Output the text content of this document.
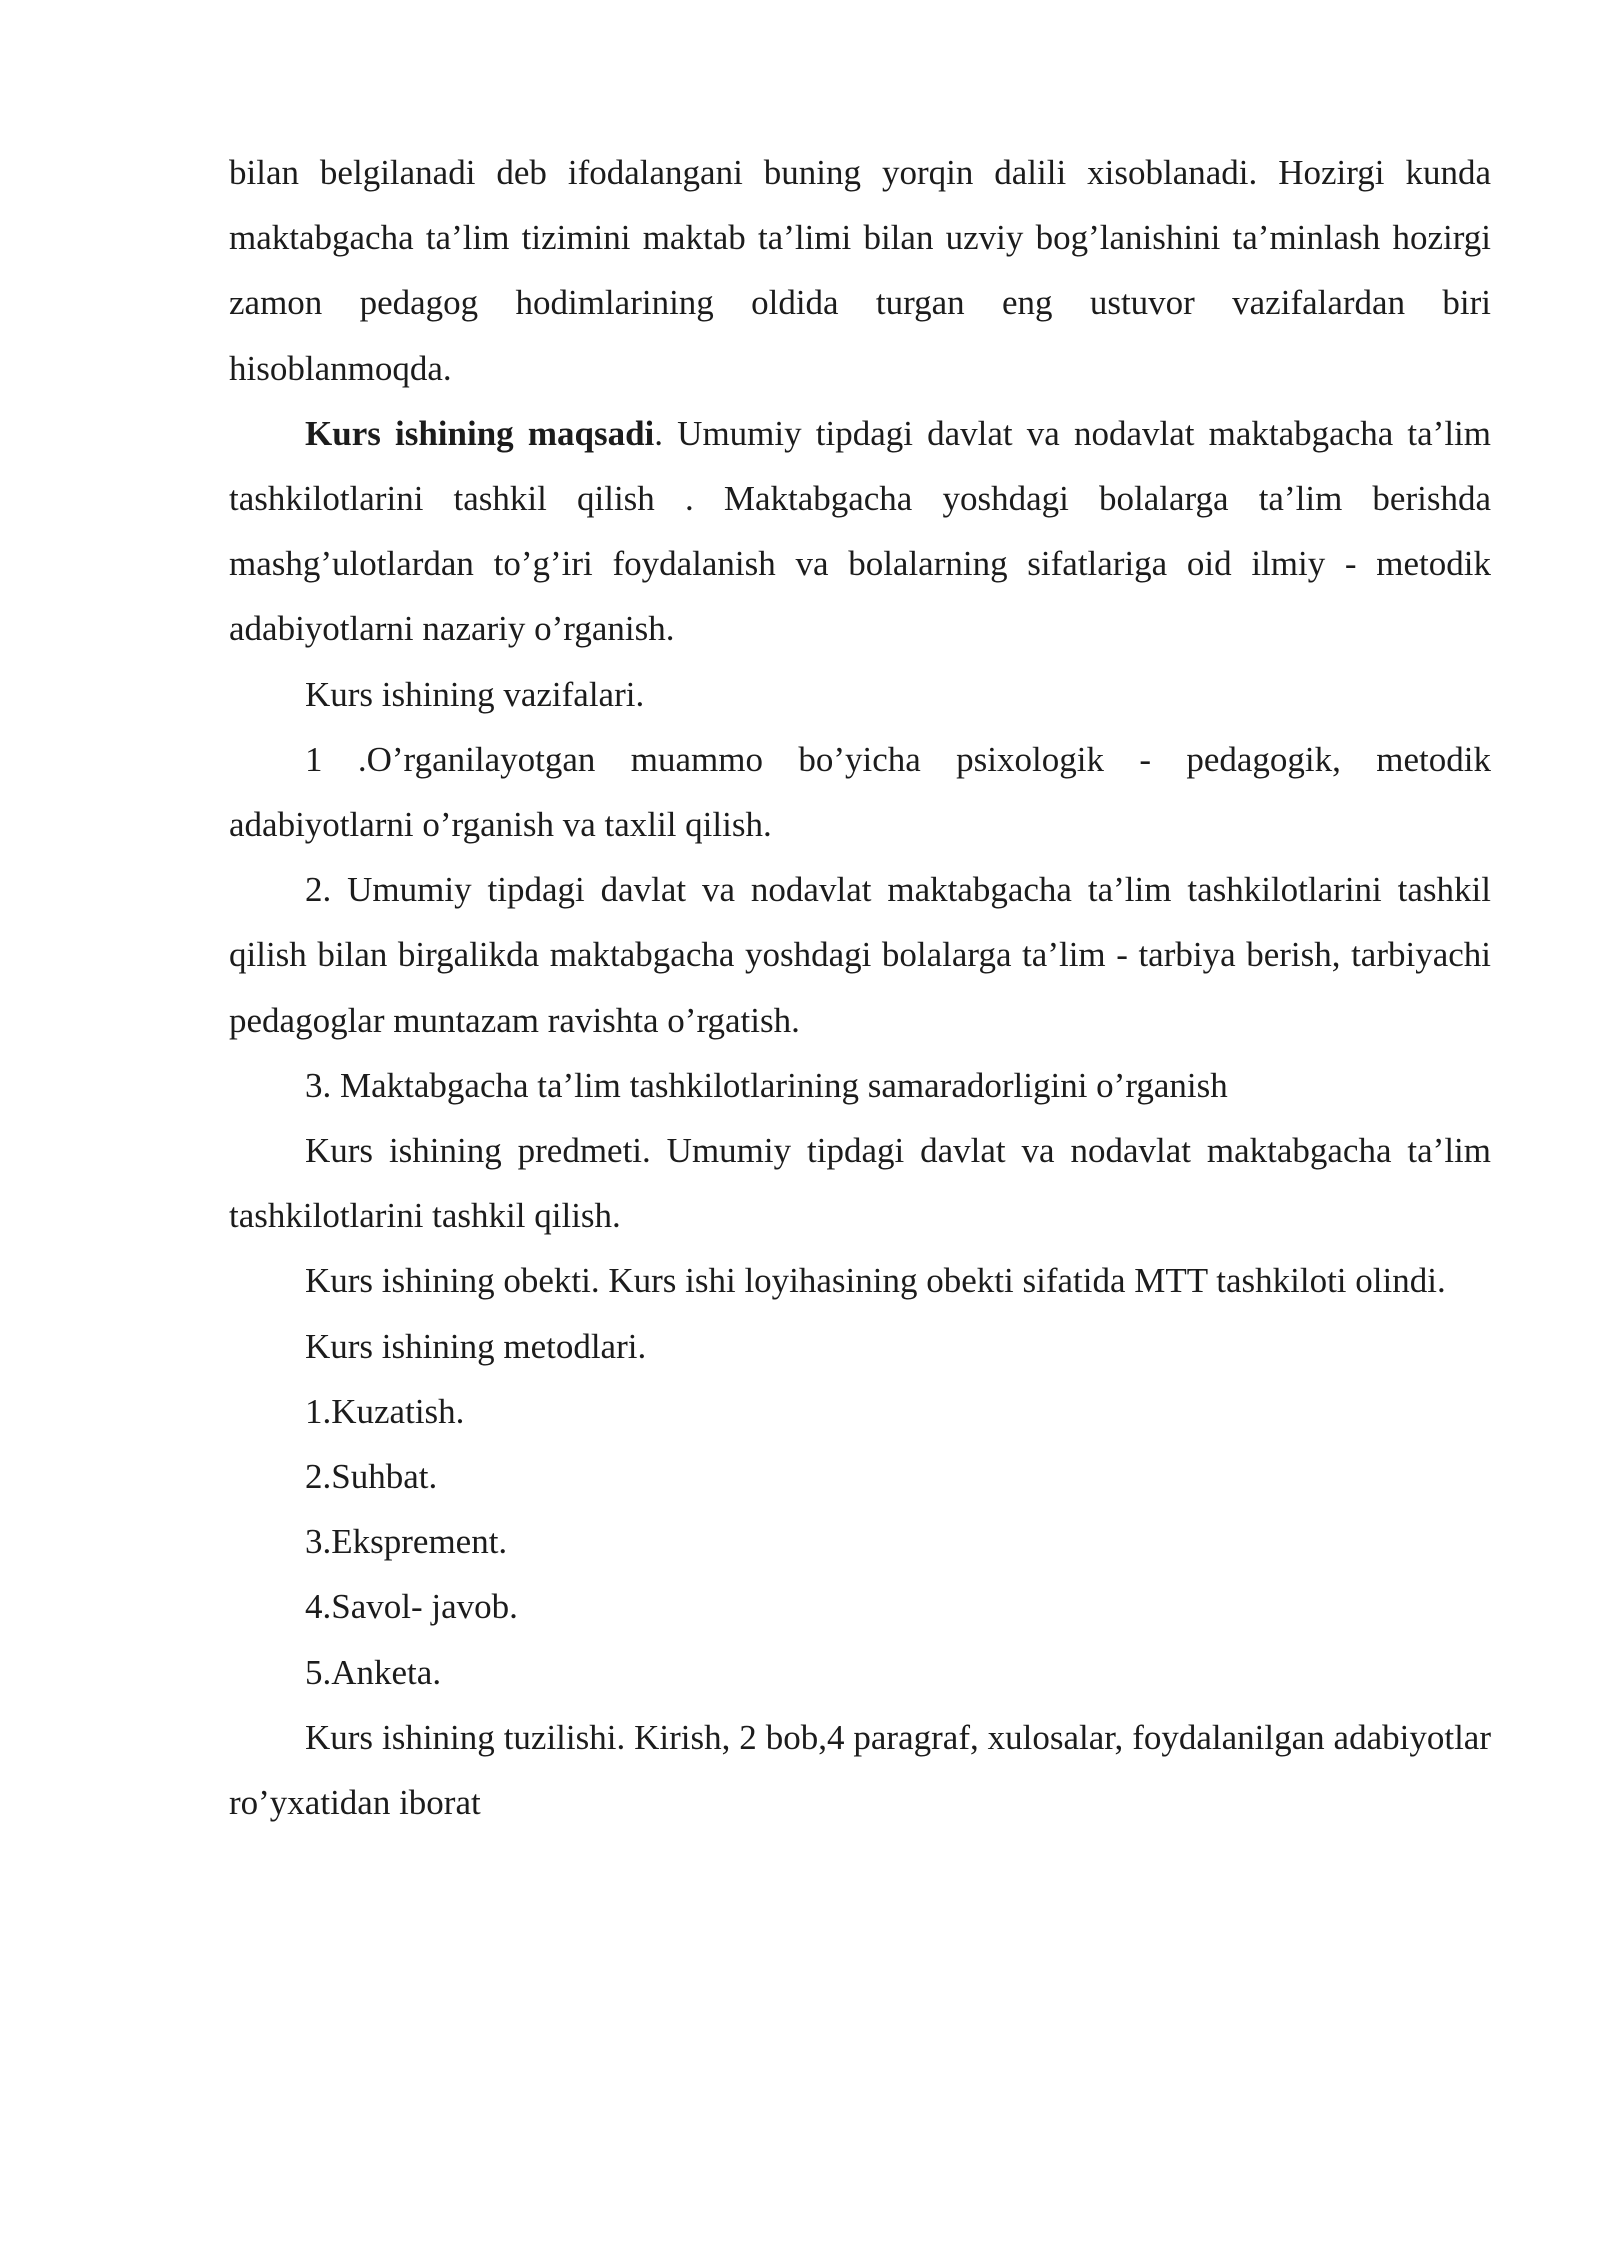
bilan belgilanadi deb ifodalangani buning yorqin dalili xisoblanadi. Hozirgi kunda maktabgacha ta’lim tizimini maktab ta’limi bilan uzviy bog’lanishini ta’minlash hozirgi zamon pedagog hodimlarining oldida turgan eng ustuvor vazifalardan biri hisoblanmoqda.

Kurs ishining maqsadi. Umumiy tipdagi davlat va nodavlat maktabgacha ta’lim tashkilotlarini tashkil qilish . Maktabgacha yoshdagi bolalarga ta’lim berishda mashg’ulotlardan to’g’iri foydalanish va bolalarning sifatlariga oid ilmiy - metodik adabiyotlarni nazariy o’rganish.

Kurs ishining vazifalari.

1 .O’rganilayotgan muammo bo’yicha psixologik - pedagogik, metodik adabiyotlarni o’rganish va taxlil qilish.

2. Umumiy tipdagi davlat va nodavlat maktabgacha ta’lim tashkilotlarini tashkil qilish bilan birgalikda maktabgacha yoshdagi bolalarga ta’lim - tarbiya berish, tarbiyachi pedagoglar muntazam ravishta o’rgatish.

3. Maktabgacha ta’lim tashkilotlarining samaradorligini o’rganish

Kurs ishining predmeti. Umumiy tipdagi davlat va nodavlat maktabgacha ta’lim tashkilotlarini tashkil qilish.

Kurs ishining obekti. Kurs ishi loyihasining obekti sifatida MTT tashkiloti olindi.

Kurs ishining metodlari.

1.Kuzatish.

2.Suhbat.

3.Ekspremеnt.

4.Savol- javob.

5.Anketa.

Kurs ishining tuzilishi. Kirish, 2 bob,4 paragraf, xulosalar, foydalanilgan adabiyotlar ro’yxatidan iborat
